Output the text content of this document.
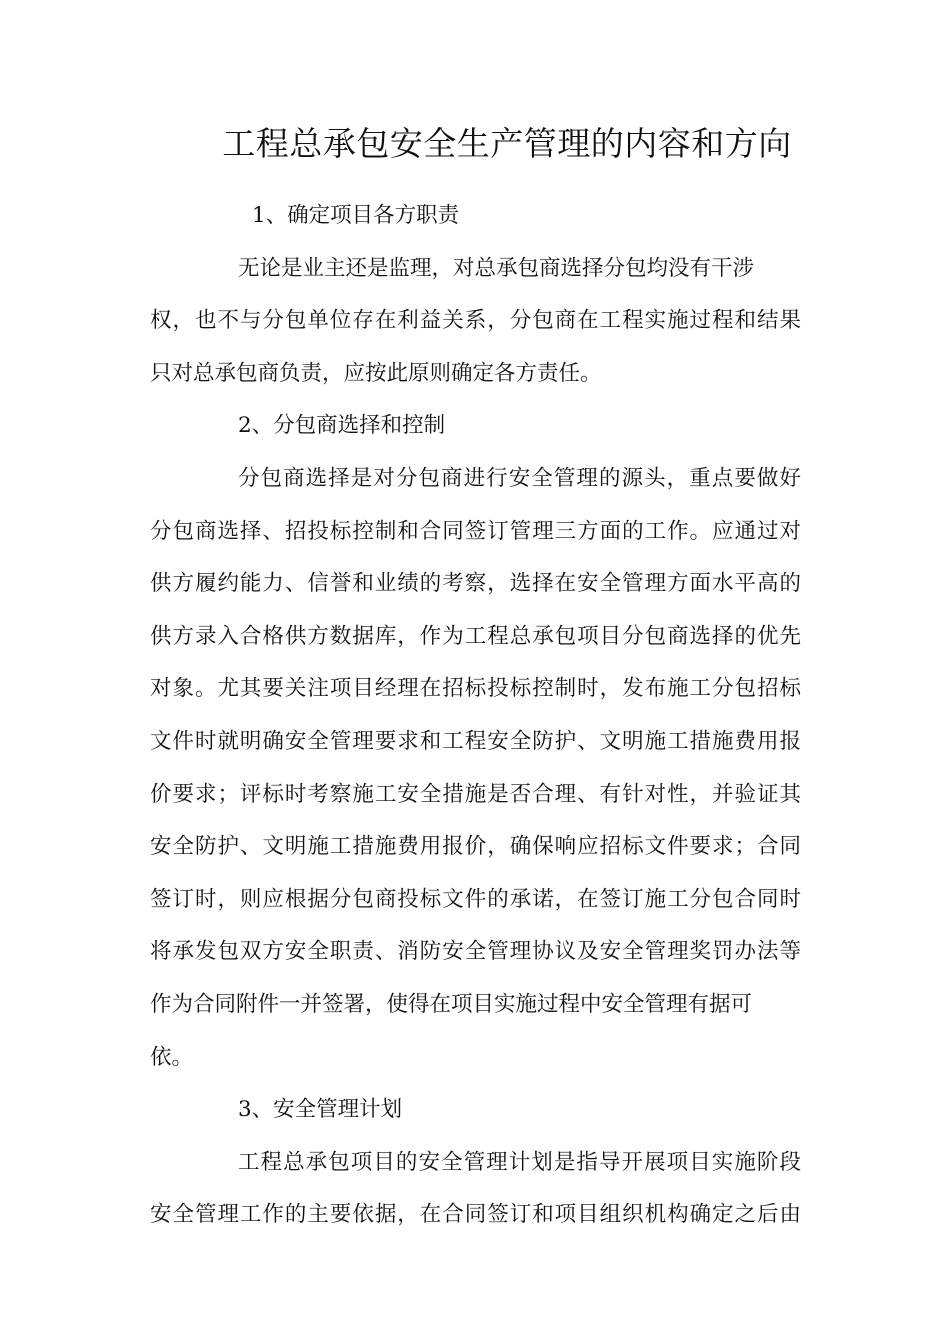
工程总承包安全生产管理的内容和方向
1、确定项目各方职责
无论是业主还是监理，对总承包商选择分包均没有干涉
权，也不与分包单位存在利益关系，分包商在工程实施过程和结果
只对总承包商负责，应按此原则确定各方责任。
2、分包商选择和控制
分包商选择是对分包商进行安全管理的源头，重点要做好
分包商选择、招投标控制和合同签订管理三方面的工作。应通过对
供方履约能力、信誉和业绩的考察，选择在安全管理方面水平高的
供方录入合格供方数据库，作为工程总承包项目分包商选择的优先
对象。尤其要关注项目经理在招标投标控制时，发布施工分包招标
文件时就明确安全管理要求和工程安全防护、文明施工措施费用报
价要求；评标时考察施工安全措施是否合理、有针对性，并验证其
安全防护、文明施工措施费用报价，确保响应招标文件要求；合同
签订时，则应根据分包商投标文件的承诺，在签订施工分包合同时
将承发包双方安全职责、消防安全管理协议及安全管理奖罚办法等
作为合同附件一并签署，使得在项目实施过程中安全管理有据可
依。
3、安全管理计划
工程总承包项目的安全管理计划是指导开展项目实施阶段
安全管理工作的主要依据，在合同签订和项目组织机构确定之后由
